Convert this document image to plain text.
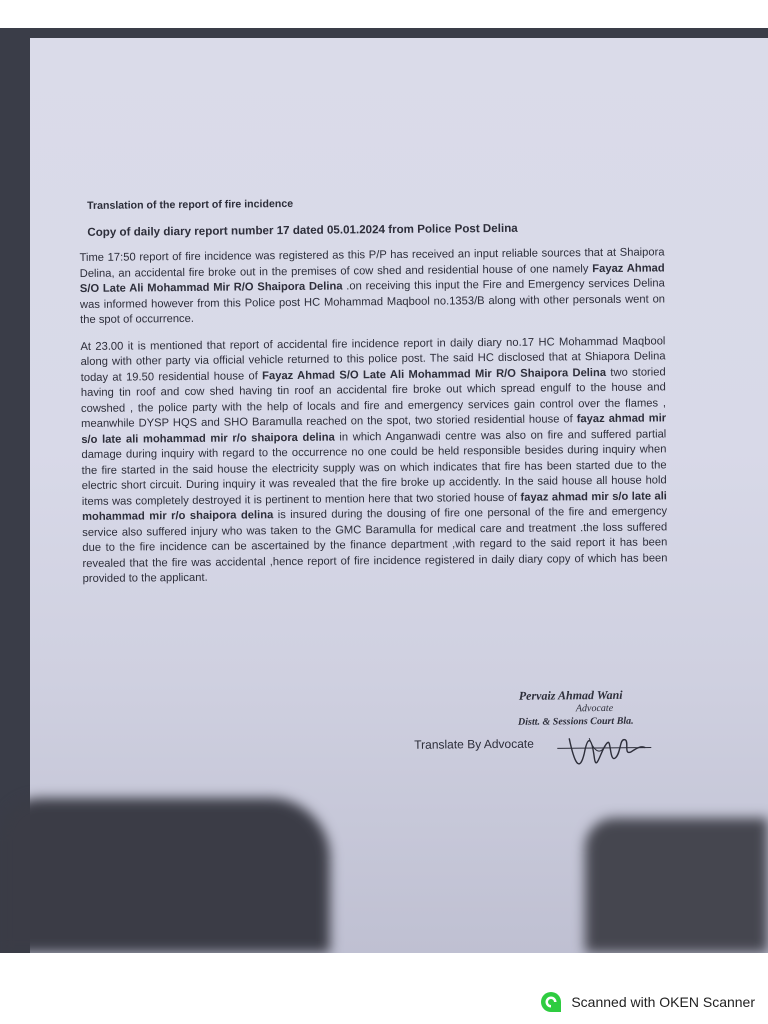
Translation of the report of fire incidence
Copy of daily diary report number 17 dated 05.01.2024 from Police Post Delina

Time 17:50 report of fire incidence was registered as this P/P has received an input reliable sources that at Shaipora Delina, an accidental fire broke out in the premises of cow shed and residential house of one namely Fayaz Ahmad S/O Late Ali Mohammad Mir R/O Shaipora Delina .on receiving this input the Fire and Emergency services Delina was informed however from this Police post HC Mohammad Maqbool no.1353/B along with other personals went on the spot of occurrence.

At 23.00 it is mentioned that report of accidental fire incidence report in daily diary no.17 HC Mohammad Maqbool along with other party via official vehicle returned to this police post. The said HC disclosed that at Shiapora Delina today at 19.50 residential house of Fayaz Ahmad S/O Late Ali Mohammad Mir R/O Shaipora Delina two storied having tin roof and cow shed having tin roof an accidental fire broke out which spread engulf to the house and cowshed , the police party with the help of locals and fire and emergency services gain control over the flames , meanwhile DYSP HQS and SHO Baramulla reached on the spot, two storied residential house of fayaz ahmad mir s/o late ali mohammad mir r/o shaipora delina in which Anganwadi centre was also on fire and suffered partial damage during inquiry with regard to the occurrence no one could be held responsible besides during inquiry when the fire started in the said house the electricity supply was on which indicates that fire has been started due to the electric short circuit. During inquiry it was revealed that the fire broke up accidently. In the said house all house hold items was completely destroyed it is pertinent to mention here that two storied house of fayaz ahmad mir s/o late ali mohammad mir r/o shaipora delina is insured during the dousing of fire one personal of the fire and emergency service also suffered injury who was taken to the GMC Baramulla for medical care and treatment .the loss suffered due to the fire incidence can be ascertained by the finance department ,with regard to the said report it has been revealed that the fire was accidental ,hence report of fire incidence registered in daily diary copy of which has been provided to the applicant.

Pervaiz Ahmad Wani
Advocate
Distt. & Sessions Court Bla.
Translate By Advocate
Scanned with OKEN Scanner
